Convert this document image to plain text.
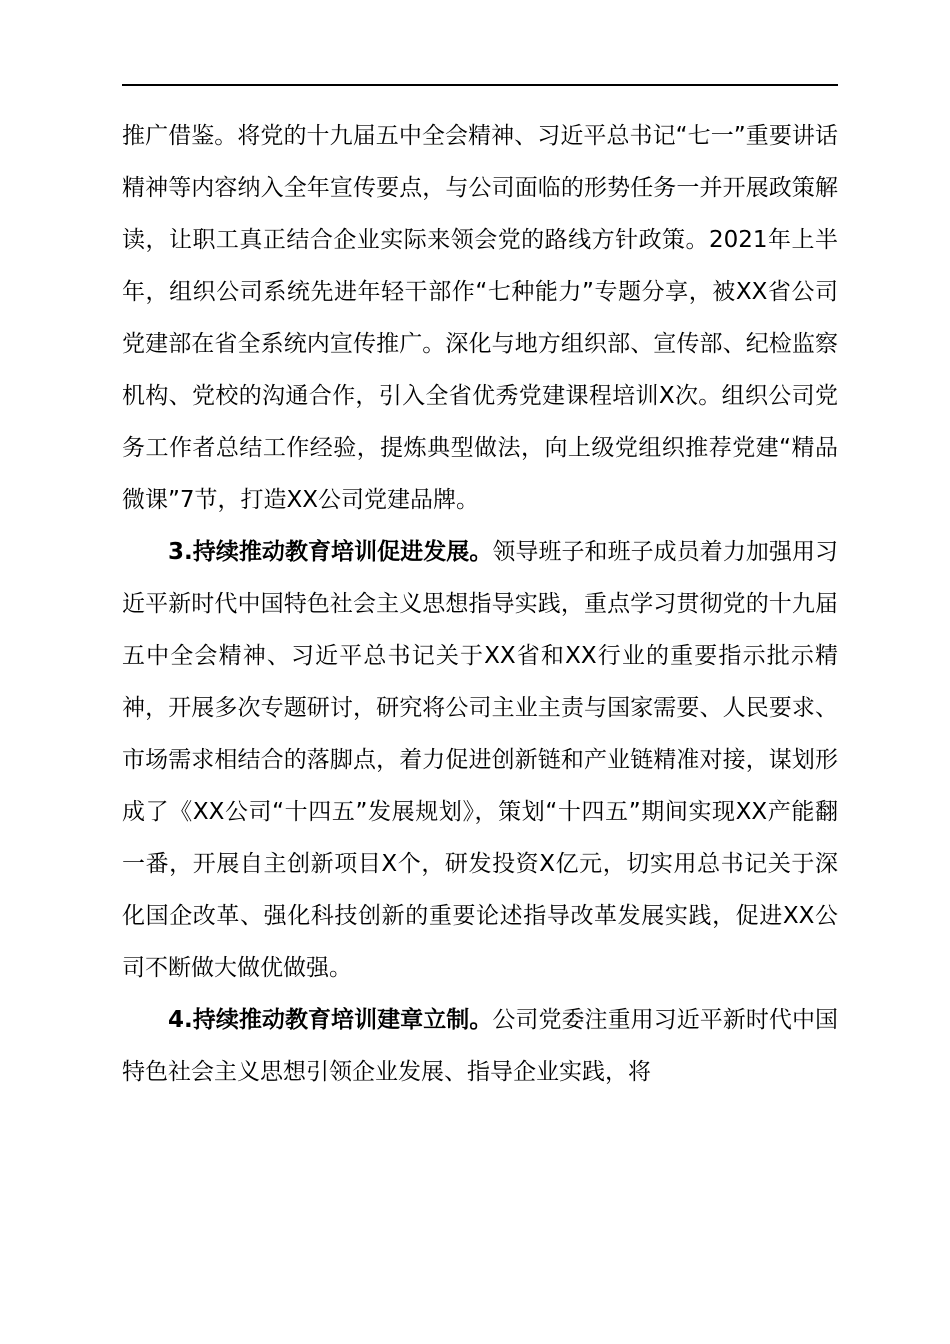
推广借鉴。将党的十九届五中全会精神、习近平总书记“七一”重要讲话精神等内容纳入全年宣传要点，与公司面临的形势任务一并开展政策解读，让职工真正结合企业实际来领会党的路线方针政策。2021年上半年，组织公司系统先进年轻干部作“七种能力”专题分享，被XX省公司党建部在省全系统内宣传推广。深化与地方组织部、宣传部、纪检监察机构、党校的沟通合作，引入全省优秀党建课程培训X次。组织公司党务工作者总结工作经验，提炼典型做法，向上级党组织推荐党建“精品微课”7节，打造XX公司党建品牌。

3.持续推动教育培训促进发展。领导班子和班子成员着力加强用习近平新时代中国特色社会主义思想指导实践，重点学习贯彻党的十九届五中全会精神、习近平总书记关于XX省和XX行业的重要指示批示精神，开展多次专题研讨，研究将公司主业主责与国家需要、人民要求、市场需求相结合的落脚点，着力促进创新链和产业链精准对接，谋划形成了《XX公司“十四五”发展规划》，策划“十四五”期间实现XX产能翻一番，开展自主创新项目X个，研发投资X亿元，切实用总书记关于深化国企改革、强化科技创新的重要论述指导改革发展实践，促进XX公司不断做大做优做强。

4.持续推动教育培训建章立制。公司党委注重用习近平新时代中国特色社会主义思想引领企业发展、指导企业实践，将
